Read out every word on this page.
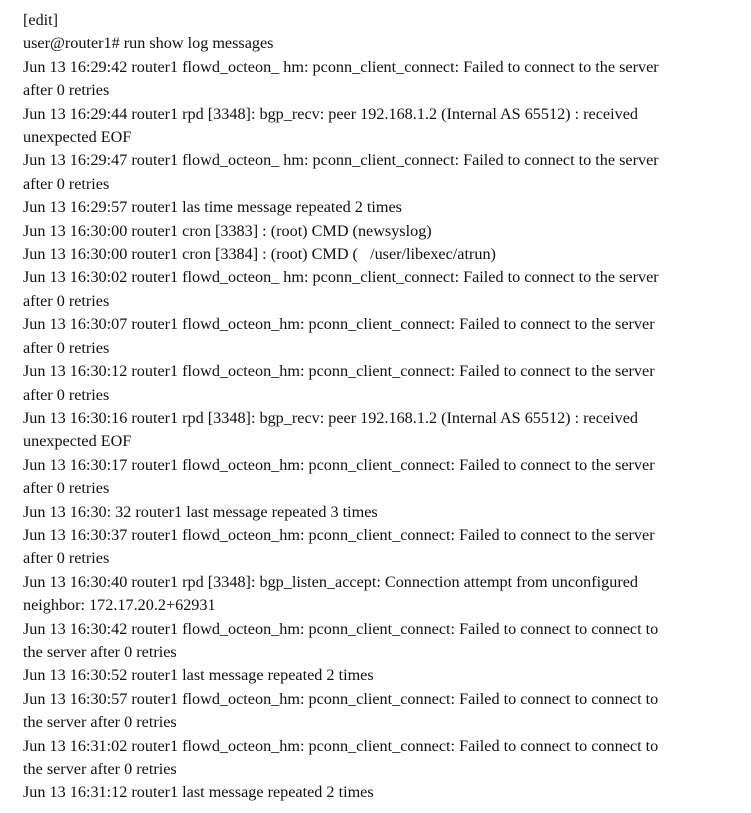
[edit]
user@router1# run show log messages
Jun 13 16:29:42 router1 flowd_octeon_ hm: pconn_client_connect: Failed to connect to the server
after 0 retries
Jun 13 16:29:44 router1 rpd [3348]: bgp_recv: peer 192.168.1.2 (Internal AS 65512) : received
unexpected EOF
Jun 13 16:29:47 router1 flowd_octeon_ hm: pconn_client_connect: Failed to connect to the server
after 0 retries
Jun 13 16:29:57 router1 las time message repeated 2 times
Jun 13 16:30:00 router1 cron [3383] : (root) CMD (newsyslog)
Jun 13 16:30:00 router1 cron [3384] : (root) CMD (   /user/libexec/atrun)
Jun 13 16:30:02 router1 flowd_octeon_ hm: pconn_client_connect: Failed to connect to the server
after 0 retries
Jun 13 16:30:07 router1 flowd_octeon_hm: pconn_client_connect: Failed to connect to the server
after 0 retries
Jun 13 16:30:12 router1 flowd_octeon_hm: pconn_client_connect: Failed to connect to the server
after 0 retries
Jun 13 16:30:16 router1 rpd [3348]: bgp_recv: peer 192.168.1.2 (Internal AS 65512) : received
unexpected EOF
Jun 13 16:30:17 router1 flowd_octeon_hm: pconn_client_connect: Failed to connect to the server
after 0 retries
Jun 13 16:30: 32 router1 last message repeated 3 times
Jun 13 16:30:37 router1 flowd_octeon_hm: pconn_client_connect: Failed to connect to the server
after 0 retries
Jun 13 16:30:40 router1 rpd [3348]: bgp_listen_accept: Connection attempt from unconfigured
neighbor: 172.17.20.2+62931
Jun 13 16:30:42 router1 flowd_octeon_hm: pconn_client_connect: Failed to connect to connect to
the server after 0 retries
Jun 13 16:30:52 router1 last message repeated 2 times
Jun 13 16:30:57 router1 flowd_octeon_hm: pconn_client_connect: Failed to connect to connect to
the server after 0 retries
Jun 13 16:31:02 router1 flowd_octeon_hm: pconn_client_connect: Failed to connect to connect to
the server after 0 retries
Jun 13 16:31:12 router1 last message repeated 2 times
